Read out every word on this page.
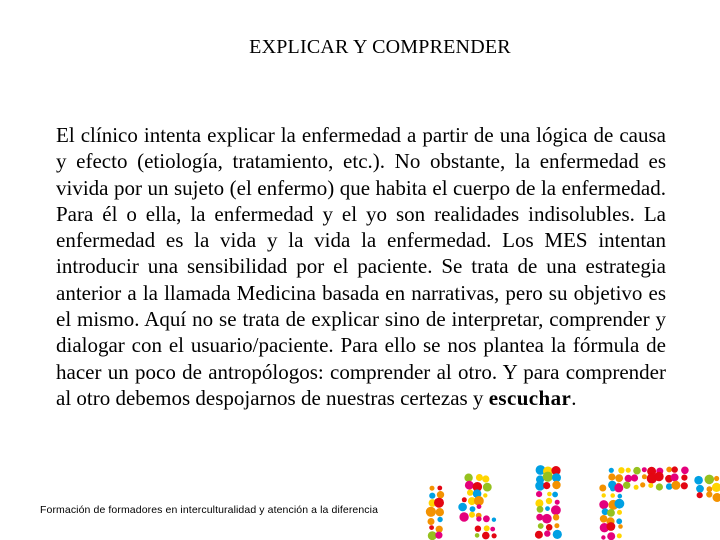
EXPLICAR Y COMPRENDER
El clínico intenta explicar la enfermedad a partir de una lógica de causa y efecto (etiología, tratamiento, etc.). No obstante, la enfermedad es vivida por un sujeto (el enfermo) que habita el cuerpo de la enfermedad. Para él o ella, la enfermedad y el yo son realidades indisolubles. La enfermedad es la vida y la vida la enfermedad. Los MES intentan introducir una sensibilidad por el paciente. Se trata de una estrategia anterior a la llamada Medicina basada en narrativas, pero su objetivo es el mismo. Aquí no se trata de explicar sino de interpretar, comprender y dialogar con el usuario/paciente. Para ello se nos plantea la fórmula de hacer un poco de antropólogos: comprender al otro. Y para comprender al otro debemos despojarnos de nuestras certezas y escuchar.
Formación de formadores en interculturalidad y atención a la diferencia
